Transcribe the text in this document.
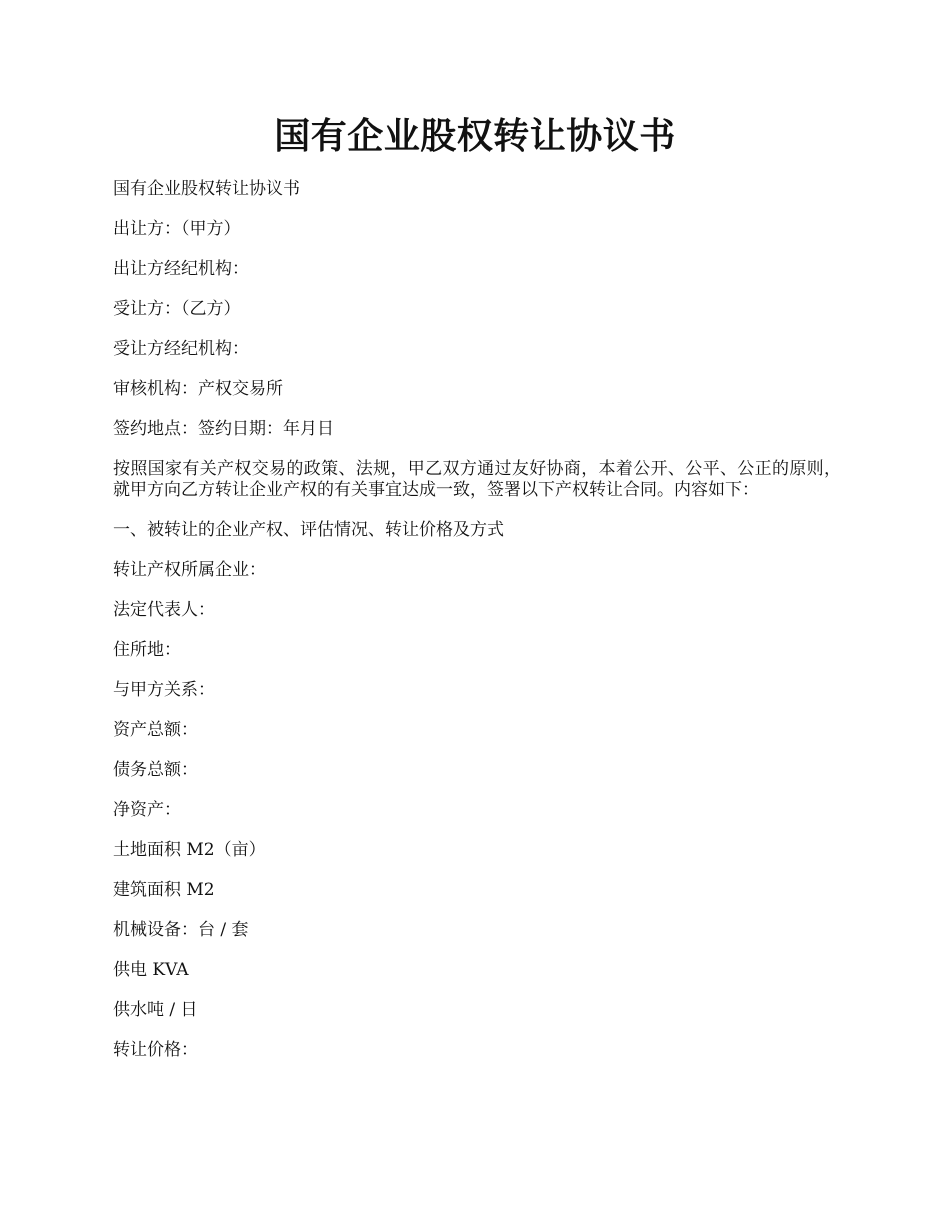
国有企业股权转让协议书

国有企业股权转让协议书

出让方：（甲方）

出让方经纪机构：

受让方：（乙方）

受让方经纪机构：

审核机构：产权交易所

签约地点：签约日期：年月日

按照国家有关产权交易的政策、法规，甲乙双方通过友好协商，本着公开、公平、公正的原则，就甲方向乙方转让企业产权的有关事宜达成一致，签署以下产权转让合同。内容如下：

一、被转让的企业产权、评估情况、转让价格及方式

转让产权所属企业：

法定代表人：

住所地：

与甲方关系：

资产总额：

债务总额：

净资产：

土地面积 M2（亩）

建筑面积 M2

机械设备：台 / 套

供电 KVA

供水吨 / 日

转让价格：
